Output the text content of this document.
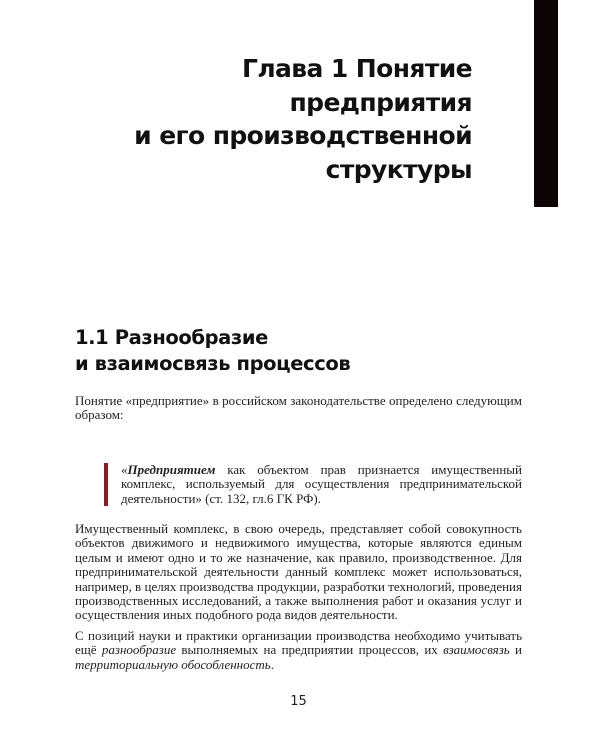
Глава 1 Понятие
предприятия
и его производственной
структуры
1.1 Разнообразие
и взаимосвязь процессов
Понятие «предприятие» в российском законодательстве определено следующим образом:
«Предприятием как объектом прав признается имущественный комплекс, используемый для осуществления предпринимательской деятельности» (ст. 132, гл.6 ГК РФ).
Имущественный комплекс, в свою очередь, представляет собой совокупность объектов движимого и недвижимого имущества, которые являются единым целым и имеют одно и то же назначение, как правило, производственное. Для предпринимательской деятельности данный комплекс может использоваться, например, в целях производства продукции, разработки технологий, проведения производственных исследований, а также выполнения работ и оказания услуг и осуществления иных подобного рода видов деятельности.
С позиций науки и практики организации производства необходимо учитывать ещё разнообразие выполняемых на предприятии процессов, их взаимосвязь и территориальную обособленность.
15
